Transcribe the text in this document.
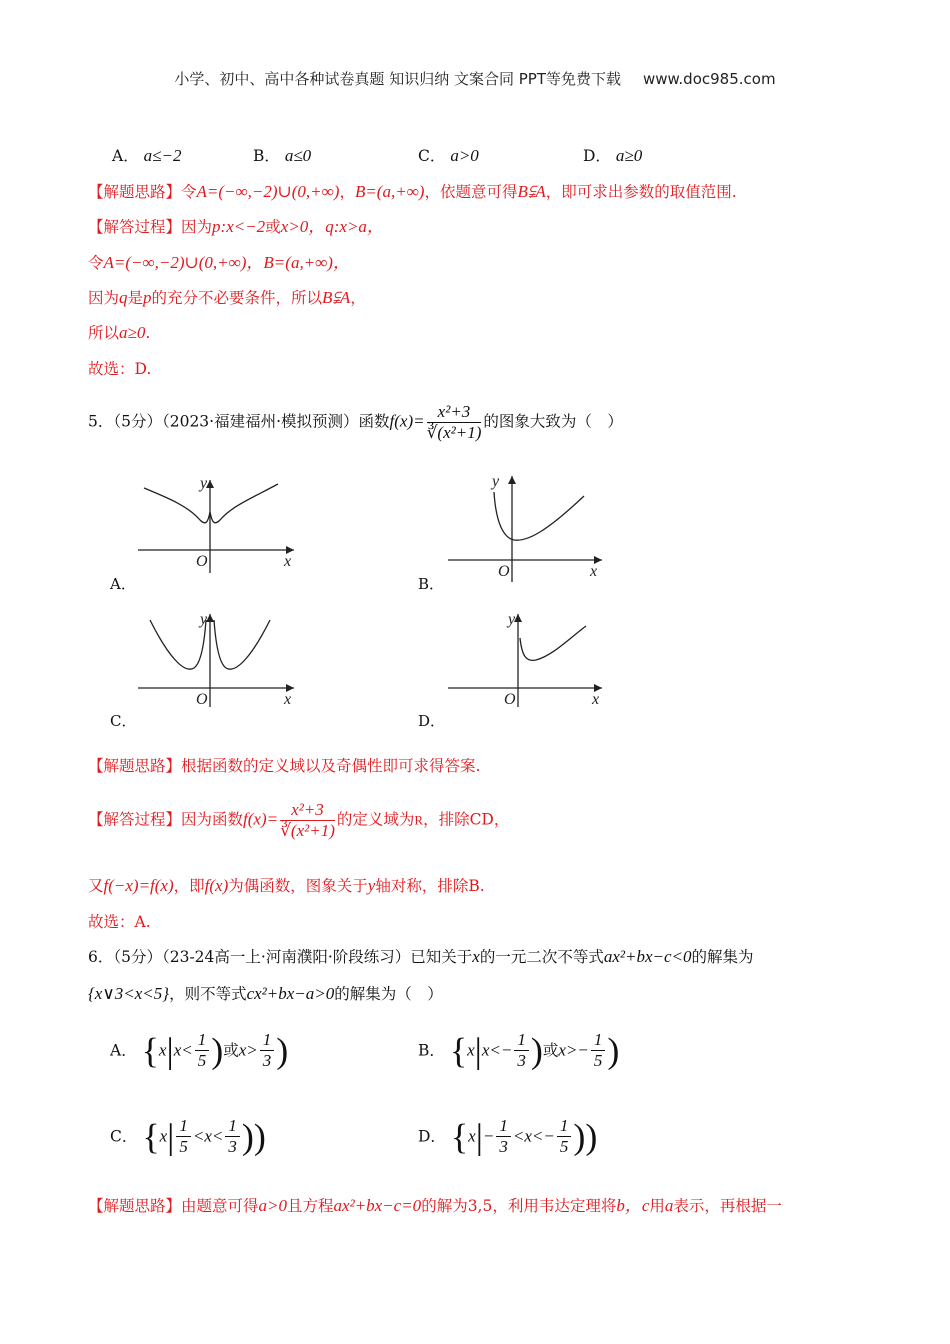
小学、初中、高中各种试卷真题 知识归纳 文案合同 PPT等免费下载 www.doc985.com
A． a≤−2	B． a≤0	C． a>0	D． a≥0
【解题思路】令A=(−∞,−2)∪(0,+∞)，B=(a,+∞)，依题意可得B⫋A，即可求出参数的取值范围.
【解答过程】因为p:x<−2或x>0，q:x>a，
令A=(−∞,−2)∪(0,+∞)，B=(a,+∞)，
因为q是p的充分不必要条件，所以B⫋A，
所以a≥0.
故选：D.
5．（5分）（2023·福建福州·模拟预测）函数$f(x)= \frac{\text{x²+3}}{\text{∛(x²+1)}}$ 的图象大致为（　）
y
O	x
A．
y
O	x
B．
y
O	x
C．
y
O	x
D．
【解题思路】根据函数的定义域以及奇偶性即可求得答案.
【解答过程】因为函数$f(x)= \frac{\text{x²+3}}{\text{∛(x²+1)}}$ 的定义域为R，排除CD，
又f(−x)=f(x)，即f(x)为偶函数，图象关于y轴对称，排除B.
故选：A.
6．（5分）（23-24高一上·河南濮阳·阶段练习）已知关于x的一元二次不等式ax²+bx−c<0的解集为
{x∨3<x<5}，则不等式cx²+bx−a>0的解集为（　）
A． {$x|x< \frac{1}{5}$ )或$x> \frac{1}{3}$ )	B． {$x|x<- \frac{1}{3}$ )或$x>- \frac{1}{5}$ )
C． {$x| \frac{1}{5} <x< \frac{1}{3}$ ))	D． {$x|- \frac{1}{3} <x<- \frac{1}{5}$ ))
【解题思路】由题意可得a>0且方程ax²+bx−c=0的解为3,5，利用韦达定理将b，c用a表示，再根据一
